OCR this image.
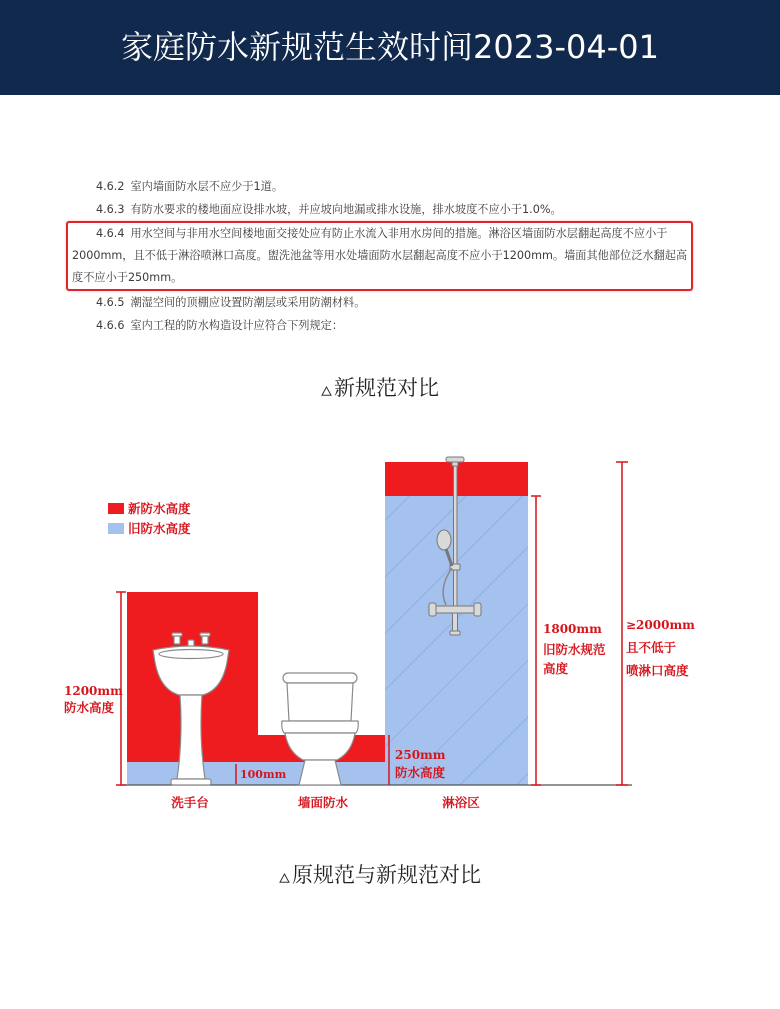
家庭防水新规范生效时间2023-04-01
4.6.2 室内墙面防水层不应少于1道。
4.6.3 有防水要求的楼地面应设排水坡，并应坡向地漏或排水设施，排水坡度不应小于1.0%。
4.6.4 用水空间与非用水空间楼地面交接处应有防止水流入非用水房间的措施。淋浴区墙面防水层翻起高度不应小于
2000mm，且不低于淋浴喷淋口高度。盥洗池盆等用水处墙面防水层翻起高度不应小于1200mm。墙面其他部位泛水翻起高
度不应小于250mm。
4.6.5 潮湿空间的顶棚应设置防潮层或采用防潮材料。
4.6.6 室内工程的防水构造设计应符合下列规定：
新规范对比
新防水高度
旧防水高度
1200mm
防水高度
100mm
250mm
防水高度
1800mm
旧防水规范
高度
≥2000mm
且不低于
喷淋口高度
洗手台	墙面防水	淋浴区
原规范与新规范对比
